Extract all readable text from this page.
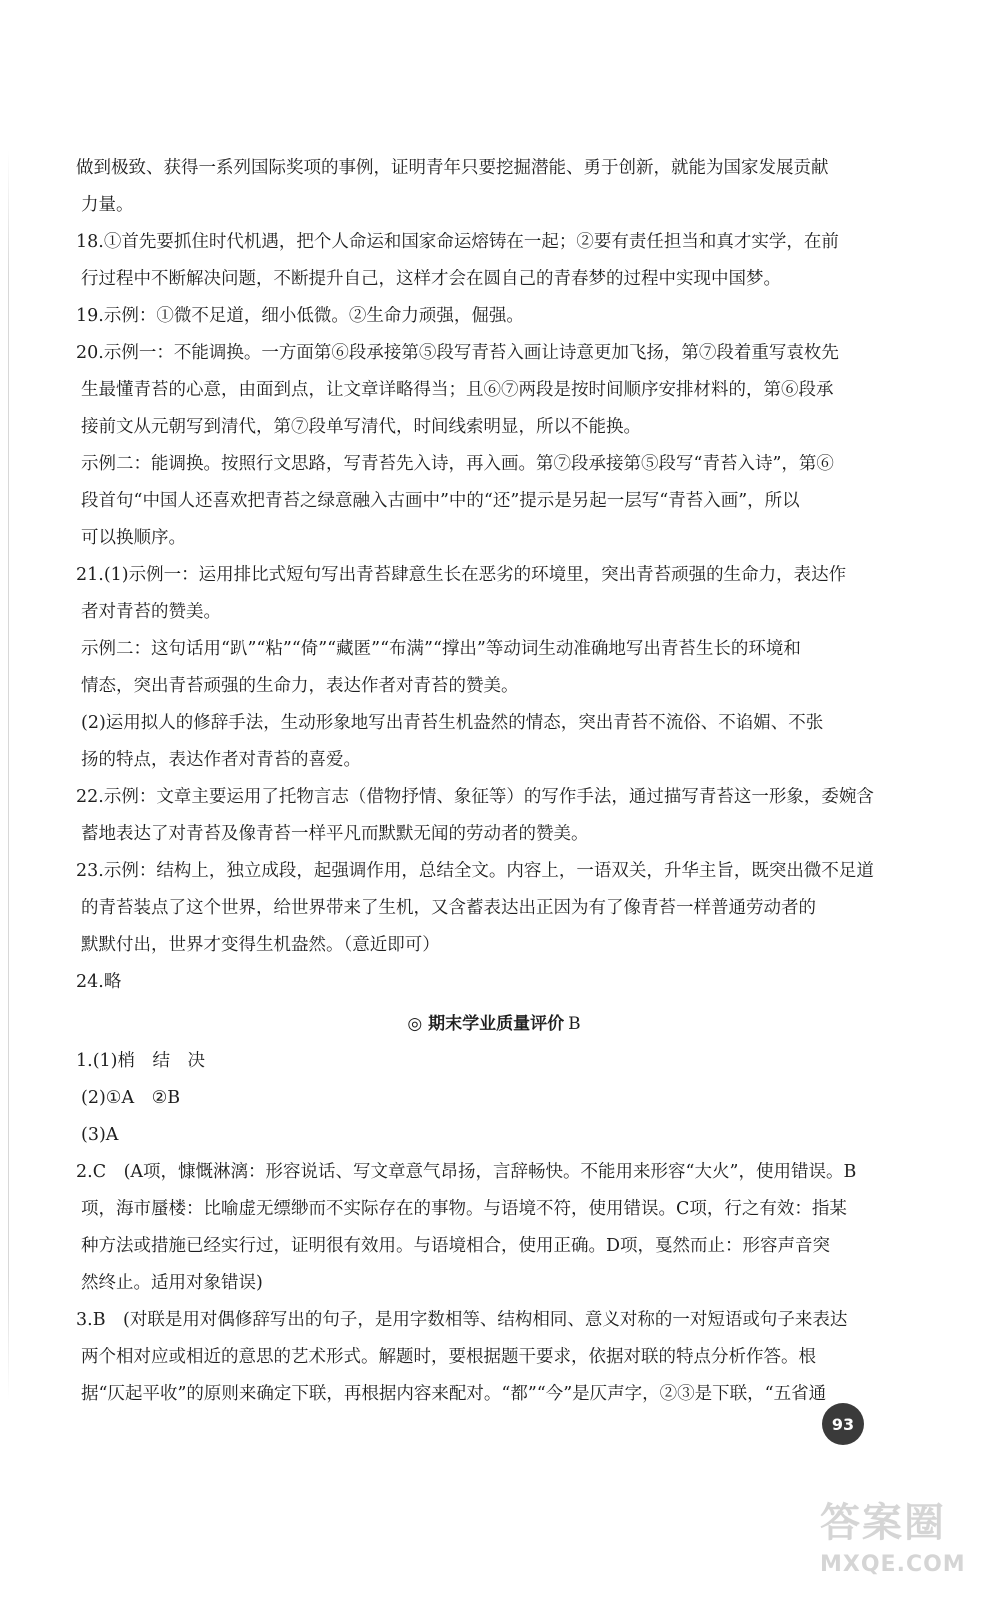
做到极致、获得一系列国际奖项的事例，证明青年只要挖掘潜能、勇于创新，就能为国家发展贡献
力量。
18.①首先要抓住时代机遇，把个人命运和国家命运熔铸在一起；②要有责任担当和真才实学，在前
行过程中不断解决问题，不断提升自己，这样才会在圆自己的青春梦的过程中实现中国梦。
19.示例：①微不足道，细小低微。②生命力顽强，倔强。
20.示例一：不能调换。一方面第⑥段承接第⑤段写青苔入画让诗意更加飞扬，第⑦段着重写袁枚先
生最懂青苔的心意，由面到点，让文章详略得当；且⑥⑦两段是按时间顺序安排材料的，第⑥段承
接前文从元朝写到清代，第⑦段单写清代，时间线索明显，所以不能换。
示例二：能调换。按照行文思路，写青苔先入诗，再入画。第⑦段承接第⑤段写“青苔入诗”，第⑥
段首句“中国人还喜欢把青苔之绿意融入古画中”中的“还”提示是另起一层写“青苔入画”，所以
可以换顺序。
21.(1)示例一：运用排比式短句写出青苔肆意生长在恶劣的环境里，突出青苔顽强的生命力，表达作
者对青苔的赞美。
示例二：这句话用“趴”“粘”“倚”“藏匿”“布满”“撑出”等动词生动准确地写出青苔生长的环境和
情态，突出青苔顽强的生命力，表达作者对青苔的赞美。
(2)运用拟人的修辞手法，生动形象地写出青苔生机盎然的情态，突出青苔不流俗、不谄媚、不张
扬的特点，表达作者对青苔的喜爱。
22.示例：文章主要运用了托物言志（借物抒情、象征等）的写作手法，通过描写青苔这一形象，委婉含
蓄地表达了对青苔及像青苔一样平凡而默默无闻的劳动者的赞美。
23.示例：结构上，独立成段，起强调作用，总结全文。内容上，一语双关，升华主旨，既突出微不足道
的青苔装点了这个世界，给世界带来了生机，又含蓄表达出正因为有了像青苔一样普通劳动者的
默默付出，世界才变得生机盎然。（意近即可）
24.略
◎ 期末学业质量评价 B
1.(1)梢　结　决
(2)①A　②B
(3)A
2.C　(A项，慷慨淋漓：形容说话、写文章意气昂扬，言辞畅快。不能用来形容“大火”，使用错误。B
项，海市蜃楼：比喻虚无缥缈而不实际存在的事物。与语境不符，使用错误。C项，行之有效：指某
种方法或措施已经实行过，证明很有效用。与语境相合，使用正确。D项，戛然而止：形容声音突
然终止。适用对象错误)
3.B　(对联是用对偶修辞写出的句子，是用字数相等、结构相同、意义对称的一对短语或句子来表达
两个相对应或相近的意思的艺术形式。解题时，要根据题干要求，依据对联的特点分析作答。根
据“仄起平收”的原则来确定下联，再根据内容来配对。“都”“今”是仄声字，②③是下联，“五省通
93
答案圈
MXQE.COM
